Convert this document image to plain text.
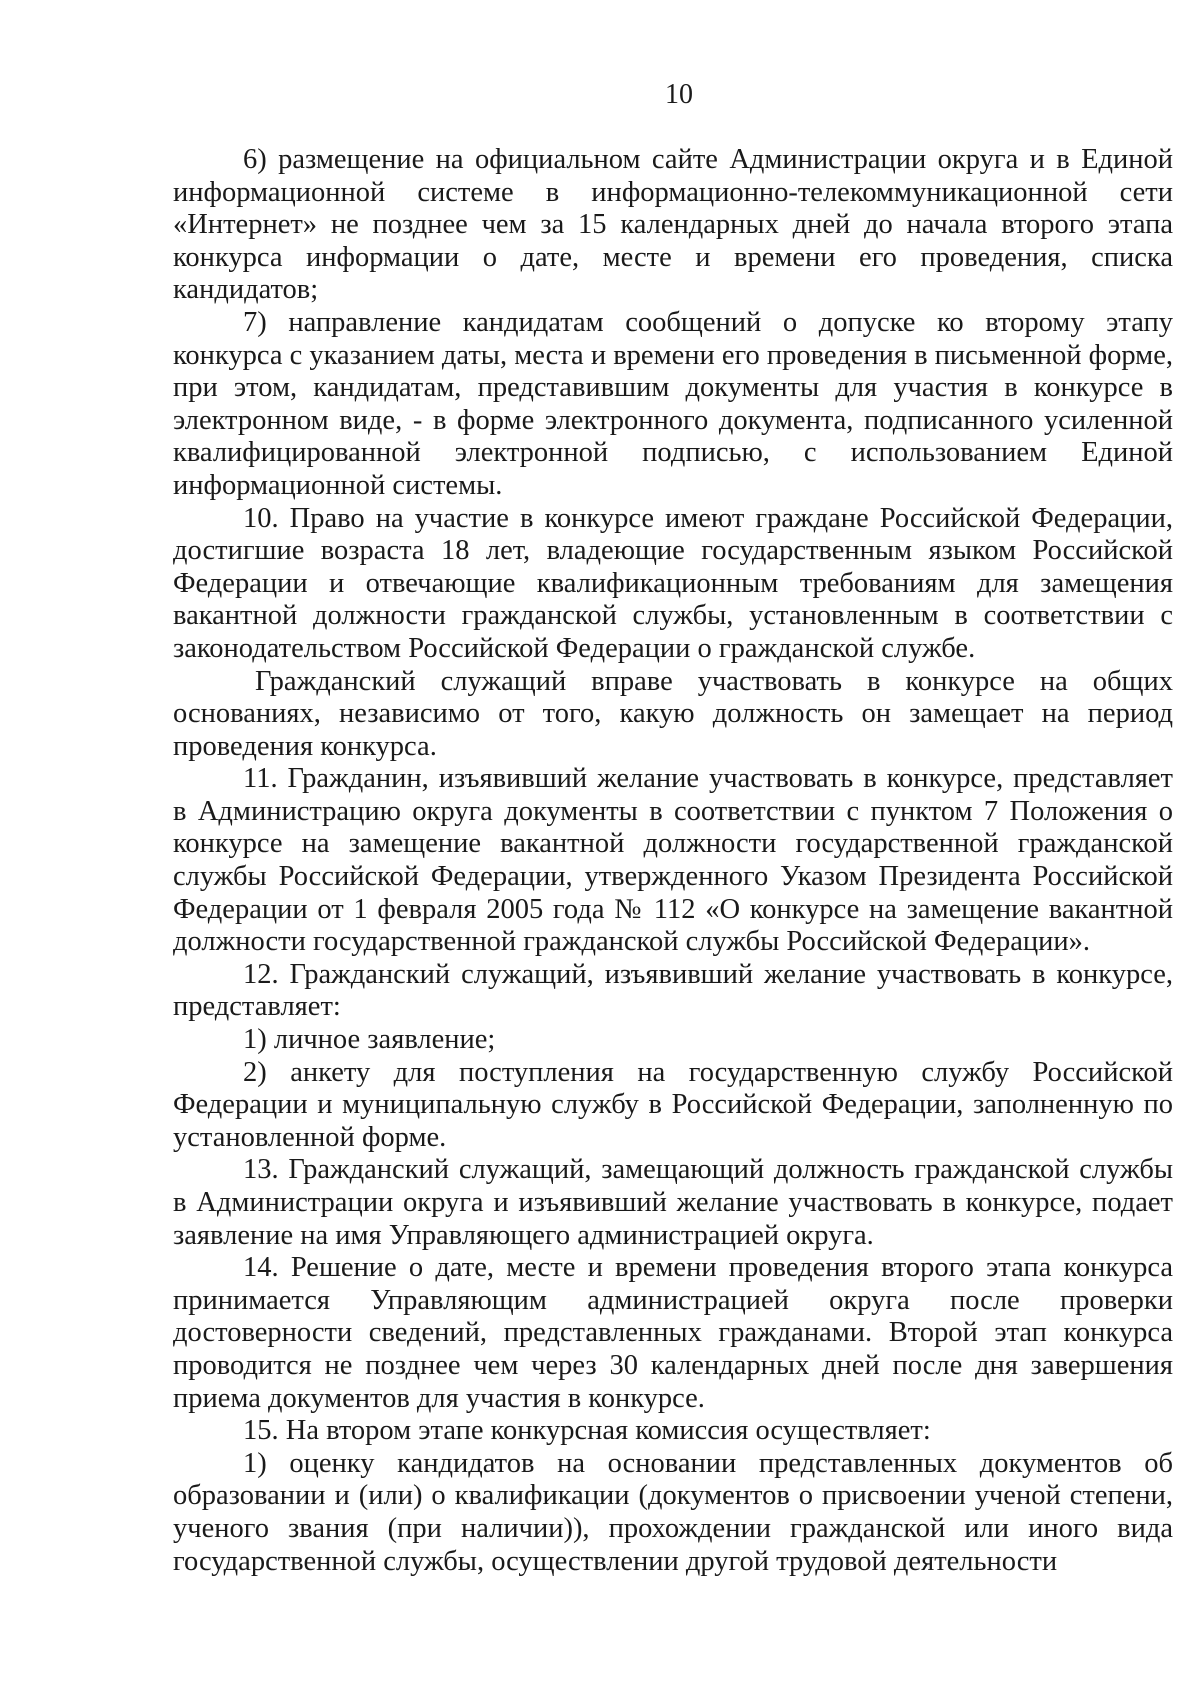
10

6) размещение на официальном сайте Администрации округа и в Единой информационной системе в информационно-телекоммуникационной сети «Интернет» не позднее чем за 15 календарных дней до начала второго этапа конкурса информации о дате, месте и времени его проведения, списка кандидатов;

7) направление кандидатам сообщений о допуске ко второму этапу конкурса с указанием даты, места и времени его проведения в письменной форме, при этом, кандидатам, представившим документы для участия в конкурсе в электронном виде, - в форме электронного документа, подписанного усиленной квалифицированной электронной подписью, с использованием Единой информационной системы.

10. Право на участие в конкурсе имеют граждане Российской Федерации, достигшие возраста 18 лет, владеющие государственным языком Российской Федерации и отвечающие квалификационным требованиям для замещения вакантной должности гражданской службы, установленным в соответствии с законодательством Российской Федерации о гражданской службе.

Гражданский служащий вправе участвовать в конкурсе на общих основаниях, независимо от того, какую должность он замещает на период проведения конкурса.

11. Гражданин, изъявивший желание участвовать в конкурсе, представляет в Администрацию округа документы в соответствии с пунктом 7 Положения о конкурсе на замещение вакантной должности государственной гражданской службы Российской Федерации, утвержденного Указом Президента Российской Федерации от 1 февраля 2005 года № 112 «О конкурсе на замещение вакантной должности государственной гражданской службы Российской Федерации».

12. Гражданский служащий, изъявивший желание участвовать в конкурсе, представляет:

1) личное заявление;

2) анкету для поступления на государственную службу Российской Федерации и муниципальную службу в Российской Федерации, заполненную по установленной форме.

13. Гражданский служащий, замещающий должность гражданской службы в Администрации округа и изъявивший желание участвовать в конкурсе, подает заявление на имя Управляющего администрацией округа.

14. Решение о дате, месте и времени проведения второго этапа конкурса принимается Управляющим администрацией округа после проверки достоверности сведений, представленных гражданами. Второй этап конкурса проводится не позднее чем через 30 календарных дней после дня завершения приема документов для участия в конкурсе.

15. На втором этапе конкурсная комиссия осуществляет:

1) оценку кандидатов на основании представленных документов об образовании и (или) о квалификации (документов о присвоении ученой степени, ученого звания (при наличии)), прохождении гражданской или иного вида государственной службы, осуществлении другой трудовой деятельности
